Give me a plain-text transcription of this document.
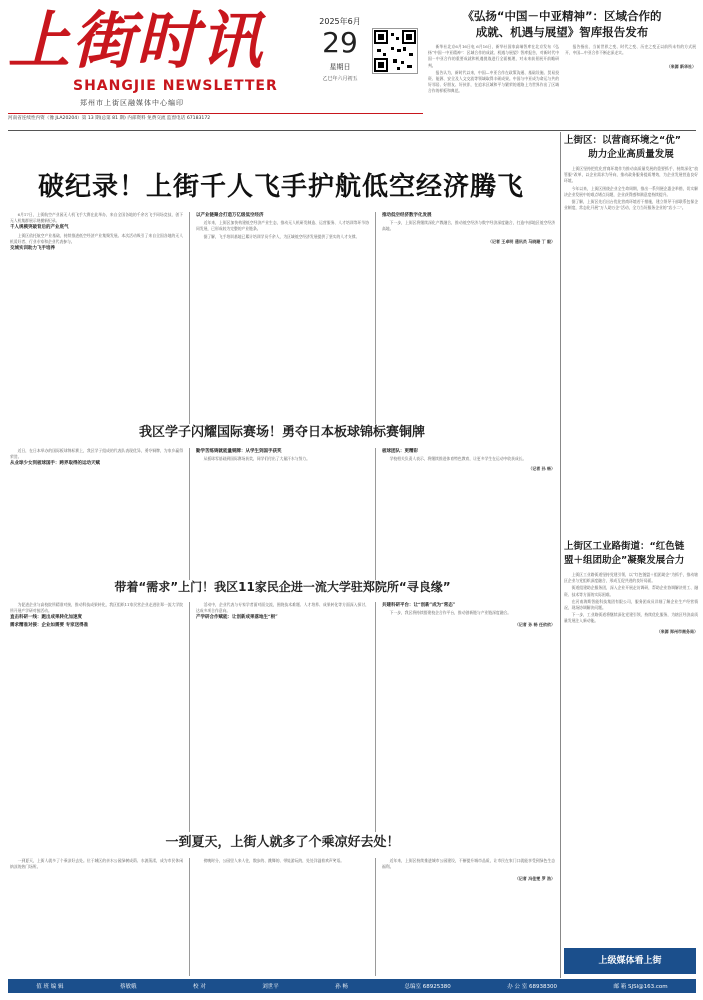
上街时讯
SHANGJIE NEWSLETTER
郑州市上街区融媒体中心编印
2025年6月
29
星期日
乙巳年六月初五
河南省连续性内资（豫 JLA20204）第 13 期(总第 81 期) 内部资料 免费交流 监督电话 67183172
《弘扬“中国－中亚精神”：区域合作的
成就、机遇与展望》智库报告发布

新华社北京6月16日电 6月16日，新华社国家高端智库在北京发布《弘扬“中国－中亚精神”：区域合作的成就、机遇与展望》智库报告，对新时代中国－中亚合作的重要成就和机遇挑战进行全面梳理，对未来前景展开前瞻研判。

报告认为，新时代以来，中国—中亚合作在政策沟通、基础设施、贸易投资、能源、安全及人文交流等领域取得丰硕成果。中国与中亚成为命运与共的好邻居、好朋友、好伙伴，在追求区域和平与繁荣的道路上为世界作出了区域合作的样板和典范。

报告指出，当前世界之变、时代之变、历史之变正以前所未有的方式展开，中国—中亚合作不断走深走实。

（来源 新华社）
破纪录！上街千人飞手护航低空经济腾飞

6月17日，上街航空产业园无人机飞手大赛在此举办，来自全国各地的千余名飞手同场竞技，创下无人机集群展示规模新纪录。

千人规模突破背后的产业底气

上街区依托航空产业基础，持续推进低空经济产业集聚发展。本次活动吸引了来自全国各地的无人机爱好者、行业专家和企业代表参与。

交城实训助力飞手培养
以产业链聚合打造万亿级低空经济

近年来，上街区加快构建低空经济产业生态，推动无人机研发制造、运营服务、人才培训等环节协同发展，已形成较为完整的产业链条。

据了解，飞手培训基地已累计培训学员千余人，为区域低空经济发展提供了坚实的人才支撑。

推动低空经济数字化发展

下一步，上街区将继续深化产教融合，推动低空经济与数字经济深度融合，打造中部地区低空经济高地。

（记者 王卓明 通讯员 马晓珊 丁 毅）
我区学子闪耀国际赛场！勇夺日本板球锦标赛铜牌

近日，在日本举办的国际板球锦标赛上，我区学子组成的代表队表现优异，勇夺铜牌，为家乡赢得荣誉。

从业球少女到板球国手：跨界取得的运动天赋
勤学苦练铸就能量铜牌：从学生到国手获奖

从板球零基础到国际赛场获奖，同学们付出了大量汗水与努力。

板球团队：更精彩

学校相关负责人表示，将继续推进体育特色教育，让更多学生在运动中收获成长。

（记者 孙 畅）
带着“需求”上门！我区11家民企进一流大学驻郑院所“寻良缘”

为促进企业与高校院所精准对接，推动科技成果转化，我区组织11家民营企业走进驻郑一流大学院所开展产学研对接活动。

直击科研一线：跑出成果转化加速度
需求精准对接：企业如需要 专家送得准

活动中，企业代表与专家学者面对面交流，围绕技术难题、人才培养、成果转化等方面深入探讨，达成多项合作意向。

产学研合作赋能：让创新成果落地生“根”
共建科研平台：让“创新”成为“常态”

下一步，我区将持续搭建校企合作平台，推动创新链与产业链深度融合。

（记者 孙 畅 任依依）
一到夏天，上街人就多了个乘凉好去处！

一到夏天，上街人就多了个乘凉好去处。位于城区的亲水公园绿树成荫、水波荡漾，成为市民休闲纳凉的热门场所。

傍晚时分，公园里人来人往，散步的、跳舞的、带娃游玩的，处处洋溢着欢声笑语。	近年来，上街区持续推进城市公园建设，不断提升城市品质，让市民在家门口就能享受到绿色生态福利。

（记者 冯佳雯 罗 浩）
上街区：以营商环境之“优”
助力企业高质量发展

上街区坚持把优化营商环境作为推动高质量发展的重要抓手，持续深化“放管服”改革，以企业需求为导向，推动政务服务提质增效，为企业发展营造良好环境。

今年以来，上街区围绕企业全生命周期，推出一系列便企惠企举措，切实解决企业发展中的难点堵点问题，企业获得感和满意度持续提升。

据了解，上街区先后出台优化营商环境若干措施，建立领导干部联系包保企业制度，常态化开展“万人助万企”活动，全力当好服务企业的“店小二”。

上街区工业路街道：“红色链
盟＋组团助企”凝聚发展合力

上街区工业路街道坚持党建引领，以“红色链盟＋组团助企”为抓手，推动辖区企业与党组织深度融合，形成互促共进的良好局面。

街道组建助企服务团，深入企业开展走访调研，帮助企业协调解决用工、融资、技术等方面的实际困难。

在河南海斯智能科技集团有限公司，服务团成员详细了解企业生产经营情况，现场协调解决问题。

下一步，工业路街道将继续深化党建引领，持续优化服务，为辖区经济高质量发展注入新动能。

（来源 郑州市商务局）
上级媒体看上街
值 班 编 辑	蔡敏娥	校 对	刘世平	孙 畅	总编室 68925380	办 公 室 68938300	邮 箱 SJSl@163.com
